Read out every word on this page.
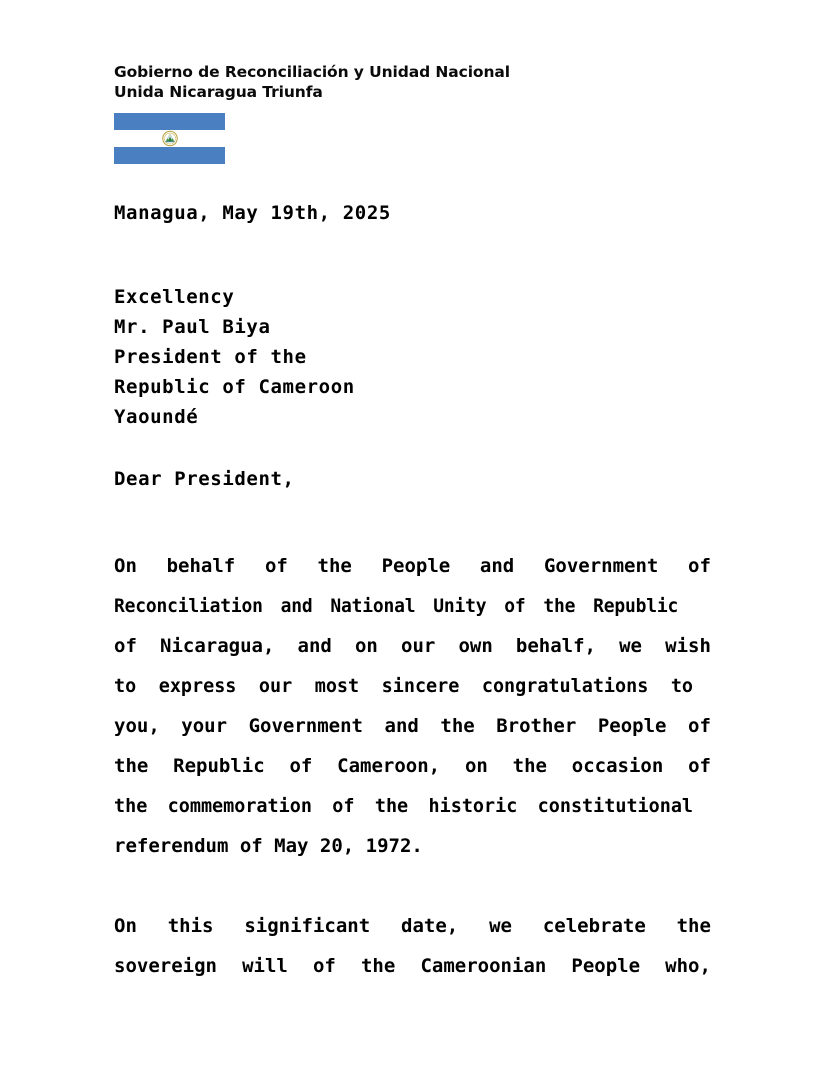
Gobierno de Reconciliación y Unidad Nacional
Unida Nicaragua Triunfa
Managua, May 19th, 2025
Excellency
Mr. Paul Biya
President of the
Republic of Cameroon
Yaoundé
Dear President,
On behalf of the People and Government of
Reconciliation and National Unity of the Republic
of Nicaragua, and on our own behalf, we wish
to express our most sincere congratulations to
you, your Government and the Brother People of
the Republic of Cameroon, on the occasion of
the commemoration of the historic constitutional
referendum of May 20, 1972.
On this significant date, we celebrate the
sovereign will of the Cameroonian People who,
